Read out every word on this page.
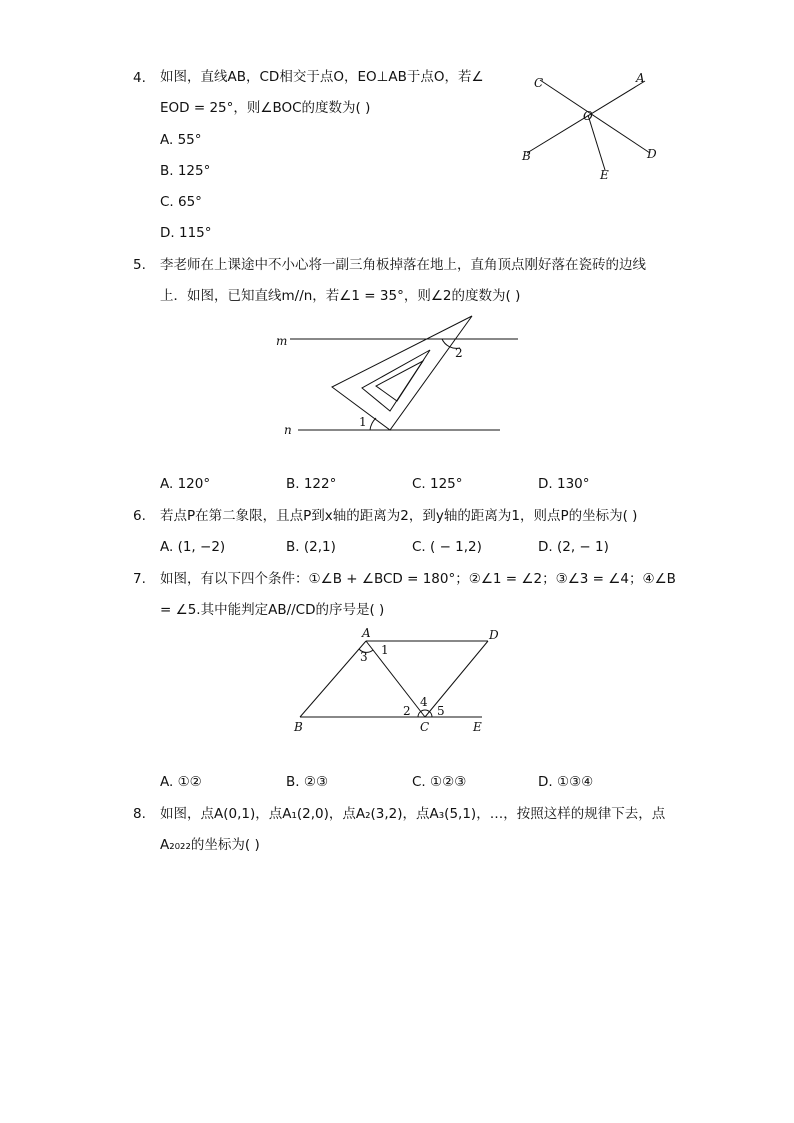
4. 如图，直线AB，CD相交于点O，EO⊥AB于点O，若∠
EOD = 25°，则∠BOC的度数为( )
A. 55°
B. 125°
C. 65°
D. 115°
C	A
O
B	D
E
5. 李老师在上课途中不小心将一副三角板掉落在地上，直角顶点刚好落在瓷砖的边线
上．如图，已知直线m//n，若∠1 = 35°，则∠2的度数为( )
m
n
1
2
A. 120°	B. 122°	C. 125°	D. 130°
6. 若点P在第二象限，且点P到x轴的距离为2，到y轴的距离为1，则点P的坐标为( )
A. (1, −2)	B. (2,1)	C. ( − 1,2)	D. (2, − 1)
7. 如图，有以下四个条件：①∠B + ∠BCD = 180°；②∠1 = ∠2；③∠3 = ∠4；④∠B
= ∠5.其中能判定AB//CD的序号是( )
A	D
B	C	E
1
3
2
4
5
A. ①②	B. ②③	C. ①②③	D. ①③④
8. 如图，点A(0,1)，点A₁(2,0)，点A₂(3,2)，点A₃(5,1)，…，按照这样的规律下去，点
A₂₀₂₂的坐标为( )
